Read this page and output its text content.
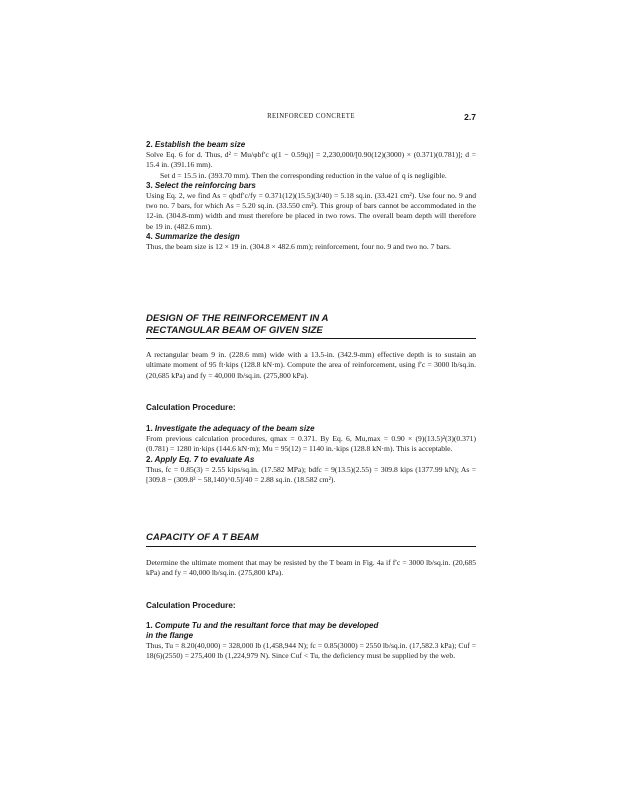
REINFORCED CONCRETE	2.7

2. Establish the beam size

Solve Eq. 6 for d. Thus, d² = Mu/φbf′c q(1 − 0.59q)] = 2,230,000/[0.90(12)(3000) × (0.371)(0.781)]; d = 15.4 in. (391.16 mm).

Set d = 15.5 in. (393.70 mm). Then the corresponding reduction in the value of q is negligible.

3. Select the reinforcing bars

Using Eq. 2, we find As = qbdf′c/fy = 0.371(12)(15.5)(3/40) = 5.18 sq.in. (33.421 cm²). Use four no. 9 and two no. 7 bars, for which As = 5.20 sq.in. (33.550 cm²). This group of bars cannot be accommodated in the 12-in. (304.8-mm) width and must therefore be placed in two rows. The overall beam depth will therefore be 19 in. (482.6 mm).

4. Summarize the design

Thus, the beam size is 12 × 19 in. (304.8 × 482.6 mm); reinforcement, four no. 9 and two no. 7 bars.

DESIGN OF THE REINFORCEMENT IN A
RECTANGULAR BEAM OF GIVEN SIZE

A rectangular beam 9 in. (228.6 mm) wide with a 13.5-in. (342.9-mm) effective depth is to sustain an ultimate moment of 95 ft·kips (128.8 kN·m). Compute the area of reinforcement, using f′c = 3000 lb/sq.in. (20,685 kPa) and fy = 40,000 lb/sq.in. (275,800 kPa).

Calculation Procedure:

1. Investigate the adequacy of the beam size

From previous calculation procedures, qmax = 0.371. By Eq. 6, Mu,max = 0.90 × (9)(13.5)²(3)(0.371)(0.781) = 1280 in·kips (144.6 kN·m); Mu = 95(12) = 1140 in.·kips (128.8 kN·m). This is acceptable.

2. Apply Eq. 7 to evaluate As

Thus, fc = 0.85(3) = 2.55 kips/sq.in. (17.582 MPa); bdfc = 9(13.5)(2.55) = 309.8 kips (1377.99 kN); As = [309.8 − (309.8² − 58,140)^0.5]/40 = 2.88 sq.in. (18.582 cm²).

CAPACITY OF A T BEAM

Determine the ultimate moment that may be resisted by the T beam in Fig. 4a if f′c = 3000 lb/sq.in. (20,685 kPa) and fy = 40,000 lb/sq.in. (275,800 kPa).

Calculation Procedure:

1. Compute Tu and the resultant force that may be developed
in the flange

Thus, Tu = 8.20(40,000) = 328,000 lb (1,458,944 N); fc = 0.85(3000) = 2550 lb/sq.in. (17,582.3 kPa); Cuf = 18(6)(2550) = 275,400 lb (1,224,979 N). Since Cuf < Tu, the deficiency must be supplied by the web.
